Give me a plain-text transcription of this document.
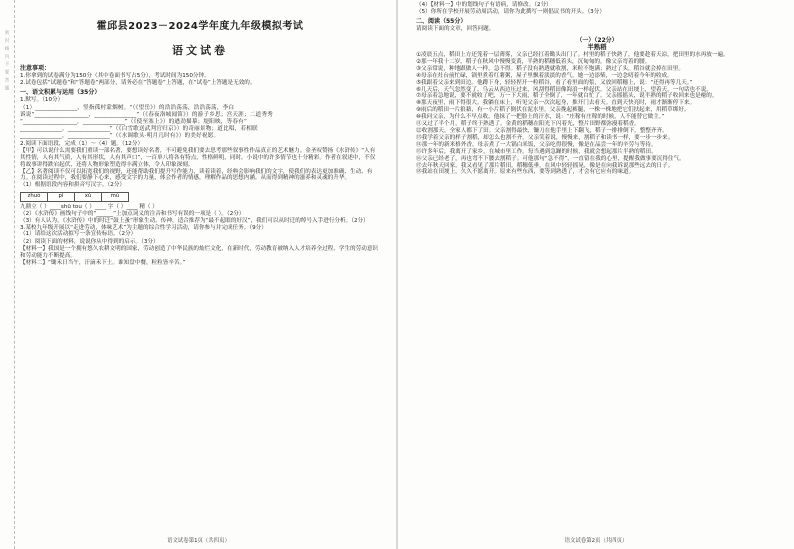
密 封 线 内 不 要 答 题

霍邱县2023－2024学年度九年级模拟考试

语文试卷

注意事项：

1.你拿到的试卷满分为150分（其中卷面书写占5分），考试时间为150分钟。

2.试卷包括“试题卷”和“答题卷”两部分，请务必在“答题卷”上答题，在“试卷”上答题是无效的。

一、语文积累与运用（35分）

1.默写。（10分）

（1）______________，竖指孤村蒙烟树。“（《望岳》）的浩浩荡荡，浩浩荡荡，李白

诉说“__________________，______________”（《春夜洛城闻笛》）的游子乡思；宫天涯；二道秀秀

“__________________，______________”（《使至塞上》）的遒劲描摹；堤阳映，等春有“

______________，______________”（《白雪歌送武判官归京》）的奇丽景物；道比唱，若相联

______________，______________”（《水调歌头·明月几时有》）的美好祝愿。

2.阅读下面语段，完成（1）～（4）题。（12分）

【甲】可以说什么需要我们重读一部名著，要想读好名著，不可避免我们要去思考那些叙事性作品真正的艺术魅力。金圣叹赞扬《水浒传》“人有其性情，人有其气质，人有其形状，人有其声口”，一百单八将各有特点，性格鲜明，同时，小说中的许多情节也十分精彩。作者在叙述中，不仅将故事讲得跌宕起伏，还将人物形象塑造得丰满立体，令人印象深刻。

【乙】名著阅读不仅可以拓宽我们的视野，还能帮助我们提升写作能力，读着读着，经典会影响我们的文字，使我们的表达更加准确、生动、有力。在阅读过程中，我们要静下心来，感受文字的力量，体会作者的情感，理解作品的思想内涵，从而得到精神的滋养和灵魂的升华。

（1）根据语段内容和拼音写汉字。（2分）

zhuó	pì	xù	mù

九鼎立（ ）____shū tou（ ）____ 字（ ）____ 精（ ）

（2）《水浒传》画线句子中的“______”上加点词义的注音和书写有误的一项是（ ）。（2分）

（3）有人认为，《水浒传》中的时迁“鼓上蚤”形象生动、传神，适合推荐为“最不起眼的好汉”，我们可以从时迁的绰号入手进行分析。（2分）

3.某校九年级开展以“走进劳动，体味艺术”为主题的综合性学习活动，请你参与并完成任务。（9分）

（1）请给这次活动拟写一条宣传标语。（2分）

（2）阅读下面的材料，说说你从中得到的启示。（3分）

【材料一】我国是一个拥有悠久农耕文明的国家，劳动创造了中华民族的灿烂文化，在新时代，劳动教育被纳入人才培养全过程，学生的劳动意识和劳动能力不断提高。

【材料二】“锄禾日当午，汗滴禾下土。谁知盘中餐，粒粒皆辛苦。”

语文试卷第1页（共四页）

（4）【材料一】中的划线句子有语病，请修改。（2分）

（5）你所在学校开展劳动周活动，请你为此撰写一则倡议书的开头。（3分）

二、阅读（55分）

请阅读下面的文章，回答问题。

（一）（22分）

半熟稻

①凌晨五点，稻田上方还笼着一层薄雾，父亲已经扛着锄头出门了。村里的稻子快熟了，他要趁着天凉，把田里的水再放一遍。

②那一年我十二岁，稻子在秋风中慢慢变黄，半熟的稻穗低着头，沉甸甸的，像父亲弯着的腰。

③父亲常说，种地跟做人一样，急不得。稻子没有熟透就收割，米粒不饱满；熟过了头，稻谷就会掉在田里。

④母亲在灶台前忙碌，锅里煮着红薯粥，屋子里飘着淡淡的香气。她一边添柴，一边念叨着今年的收成。

⑤我跟着父亲来到田边。他蹲下身，轻轻捏开一粒稻谷，看了看里面的浆，又放回稻穗上，说：“还得再等几天。”

⑥几天后，天气忽然变了。乌云从西边压过来，风刮得稻田像海浪一样起伏。父亲站在田埂上，望着天，一句话也不说。

⑦母亲着急地说，要不就收了吧，万一下大雨，稻子全倒了，一年就白忙了。父亲摇摇头，说半熟的稻子收回来也是瘪的。

⑧那天夜里，雨下得很大。我躺在床上，听见父亲一次次起身，推开门去看天。直到天快亮时，雨才渐渐停下来。

⑨雨后的稻田一片狼藉，有一小片稻子倒伏在泥水里。父亲挽起裤腿，一株一株地把它们扶起来，用稻草绑好。

⑩我问父亲，为什么不早点收。他抹了一把脸上的汗水，说：“庄稼有庄稼的时候，人不能替它做主。”

⑪又过了半个月，稻子终于熟透了。金黄的稻穗在阳光下闪着光，整片田野都弥漫着稻香。

⑫收割那天，全家人都下了田。父亲割得最快，镰刀在他手里上下翻飞，稻子一排排倒下，整整齐齐。

⑬我学着父亲的样子割稻，却怎么也割不齐。父亲笑着说，慢慢来，割稻子和读书一样，要一步一步来。

⑭那一年的新米格外香。母亲煮了一大锅白米饭，父亲吃得很慢，像是在品尝一年的辛劳与等待。

⑮许多年后，我离开了家乡，在城市里工作。每当遇到急躁的时候，我就会想起那片半熟的稻田。

⑯父亲已经老了，再也弯不下腰去割稻子。可他那句“急不得”，一直留在我的心里，提醒我做事要沉得住气。

⑰去年秋天回家，我又看见了那片稻田。稻穗低垂，在风中轻轻摇晃，像是在向我诉说那些远去的日子。

⑱我站在田埂上，久久不愿离开。原来有些东西，要等到熟透了，才会有它应有的味道。

语文试卷第2页（共四页）
